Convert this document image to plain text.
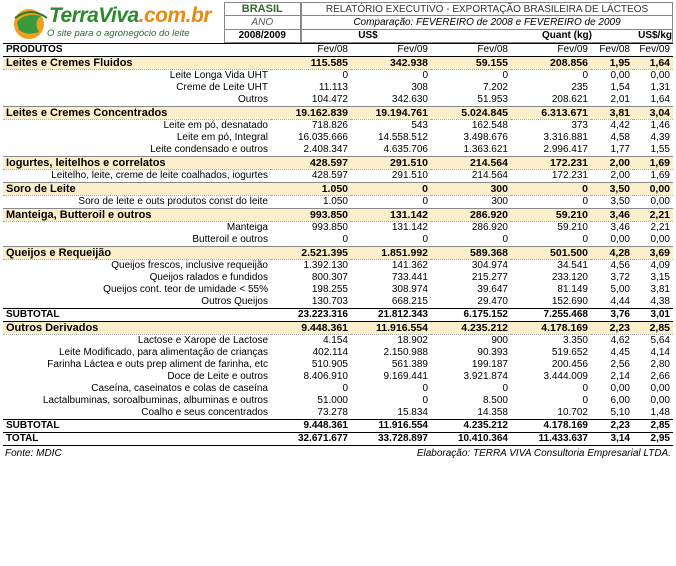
TerraViva.com.br
O site para o agronegócio do leite
BRASIL
ANO
2008/2009
RELATÓRIO EXECUTIVO - EXPORTAÇÃO BRASILEIRA DE LÁCTEOS
Comparação: FEVEREIRO de 2008 e FEVEREIRO de 2009

US$	Quant (kg)	US$/kg
PRODUTOS	Fev/08	Fev/09	Fev/08	Fev/09	Fev/08	Fev/09
Leites e Cremes Fluidos	115.585	342.938	59.155	208.856	1,95	1,64
Leite Longa Vida UHT	0	0	0	0	0,00	0,00
Creme de Leite UHT	11.113	308	7.202	235	1,54	1,31
Outros	104.472	342.630	51.953	208.621	2,01	1,64
Leites e Cremes Concentrados	19.162.839	19.194.761	5.024.845	6.313.671	3,81	3,04
Leite em pó, desnatado	718.826	543	162.548	373	4,42	1,46
Leite em pó, Integral	16.035.666	14.558.512	3.498.676	3.316.881	4,58	4,39
Leite condensado e outros	2.408.347	4.635.706	1.363.621	2.996.417	1,77	1,55
Iogurtes, leitelhos e correlatos	428.597	291.510	214.564	172.231	2,00	1,69
Leitelho, leite, creme de leite coalhados, iogurtes	428.597	291.510	214.564	172.231	2,00	1,69
Soro de Leite	1.050	0	300	0	3,50	0,00
Soro de leite e outs produtos const do leite	1.050	0	300	0	3,50	0,00
Manteiga, Butteroil e outros	993.850	131.142	286.920	59.210	3,46	2,21
Manteiga	993.850	131.142	286.920	59.210	3,46	2,21
Butteroil e outros	0	0	0	0	0,00	0,00
Queijos e Requeijão	2.521.395	1.851.992	589.368	501.500	4,28	3,69
Queijos frescos, inclusive requeijão	1.392.130	141.362	304.974	34.541	4,56	4,09
Queijos ralados e fundidos	800.307	733.441	215.277	233.120	3,72	3,15
Queijos cont. teor de umidade < 55%	198.255	308.974	39.647	81.149	5,00	3,81
Outros Queijos	130.703	668.215	29.470	152.690	4,44	4,38
SUBTOTAL	23.223.316	21.812.343	6.175.152	7.255.468	3,76	3,01
Outros Derivados	9.448.361	11.916.554	4.235.212	4.178.169	2,23	2,85
Lactose e Xarope de Lactose	4.154	18.902	900	3.350	4,62	5,64
Leite Modificado, para alimentação de crianças	402.114	2.150.988	90.393	519.652	4,45	4,14
Farinha Láctea e outs prep aliment de farinha, etc	510.905	561.389	199.187	200.456	2,56	2,80
Doce de Leite e outros	8.406.910	9.169.441	3.921.874	3.444.009	2,14	2,66
Caseína, caseinatos e colas de caseína	0	0	0	0	0,00	0,00
Lactalbuminas, soroalbuminas, albuminas e outros	51.000	0	8.500	0	6,00	0,00
Coalho e seus concentrados	73.278	15.834	14.358	10.702	5,10	1,48
SUBTOTAL	9.448.361	11.916.554	4.235.212	4.178.169	2,23	2,85
TOTAL	32.671.677	33.728.897	10.410.364	11.433.637	3,14	2,95
Fonte: MDIC	Elaboração: TERRA VIVA Consultoria Empresarial LTDA.
